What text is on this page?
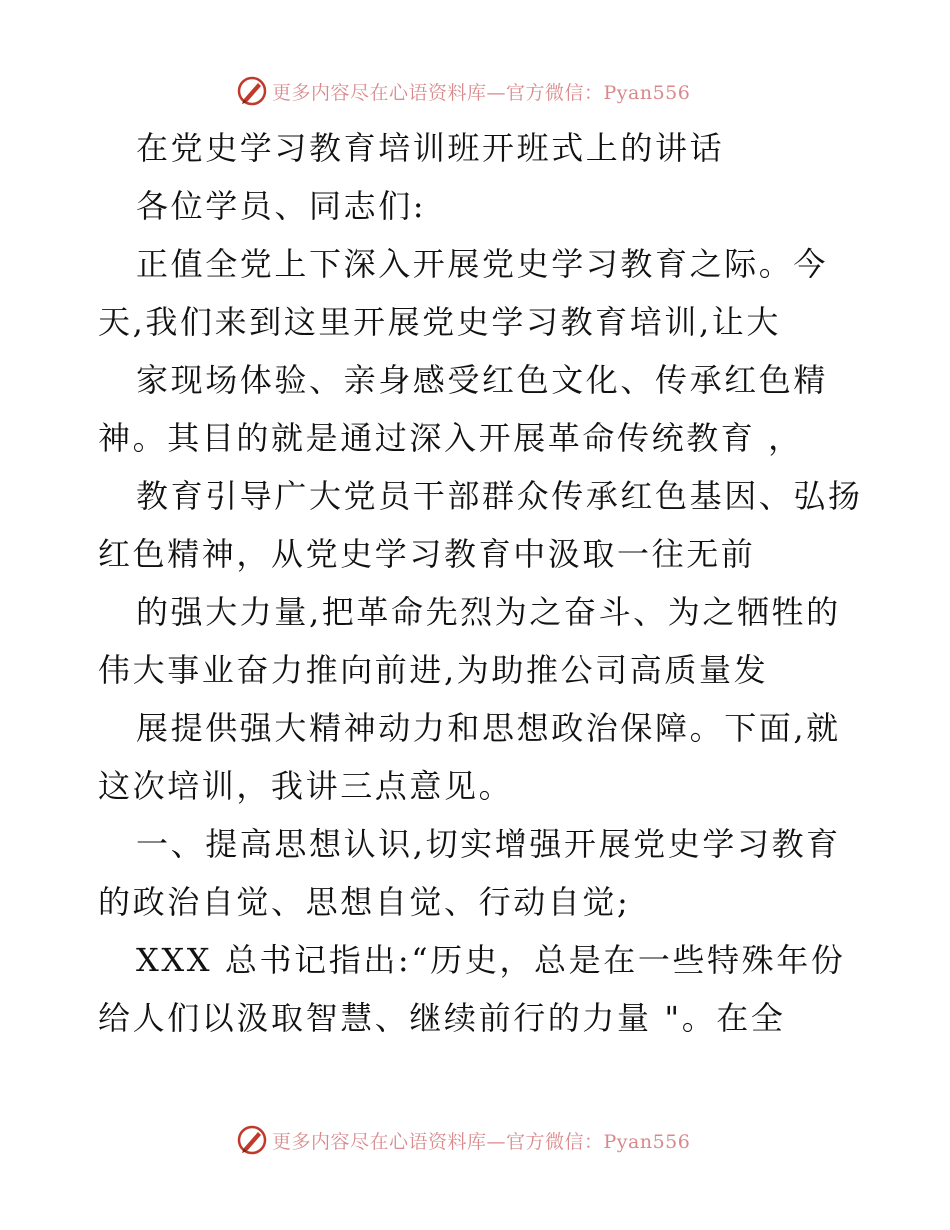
更多内容尽在心语资料库—官方微信：Pyan556
在党史学习教育培训班开班式上的讲话
各位学员、同志们:
正值全党上下深入开展党史学习教育之际。今
天,我们来到这里开展党史学习教育培训,让大
家现场体验、亲身感受红色文化、传承红色精
神。其目的就是通过深入开展革命传统教育 ，
教育引导广大党员干部群众传承红色基因、弘扬
红色精神，从党史学习教育中汲取一往无前
的强大力量,把革命先烈为之奋斗、为之牺牲的
伟大事业奋力推向前进,为助推公司高质量发
展提供强大精神动力和思想政治保障。下面,就
这次培训，我讲三点意见。
一、提高思想认识,切实增强开展党史学习教育
的政治自觉、思想自觉、行动自觉;
XXX 总书记指出:“历史，总是在一些特殊年份
给人们以汲取智慧、继续前行的力量 "。在全
更多内容尽在心语资料库—官方微信：Pyan556
